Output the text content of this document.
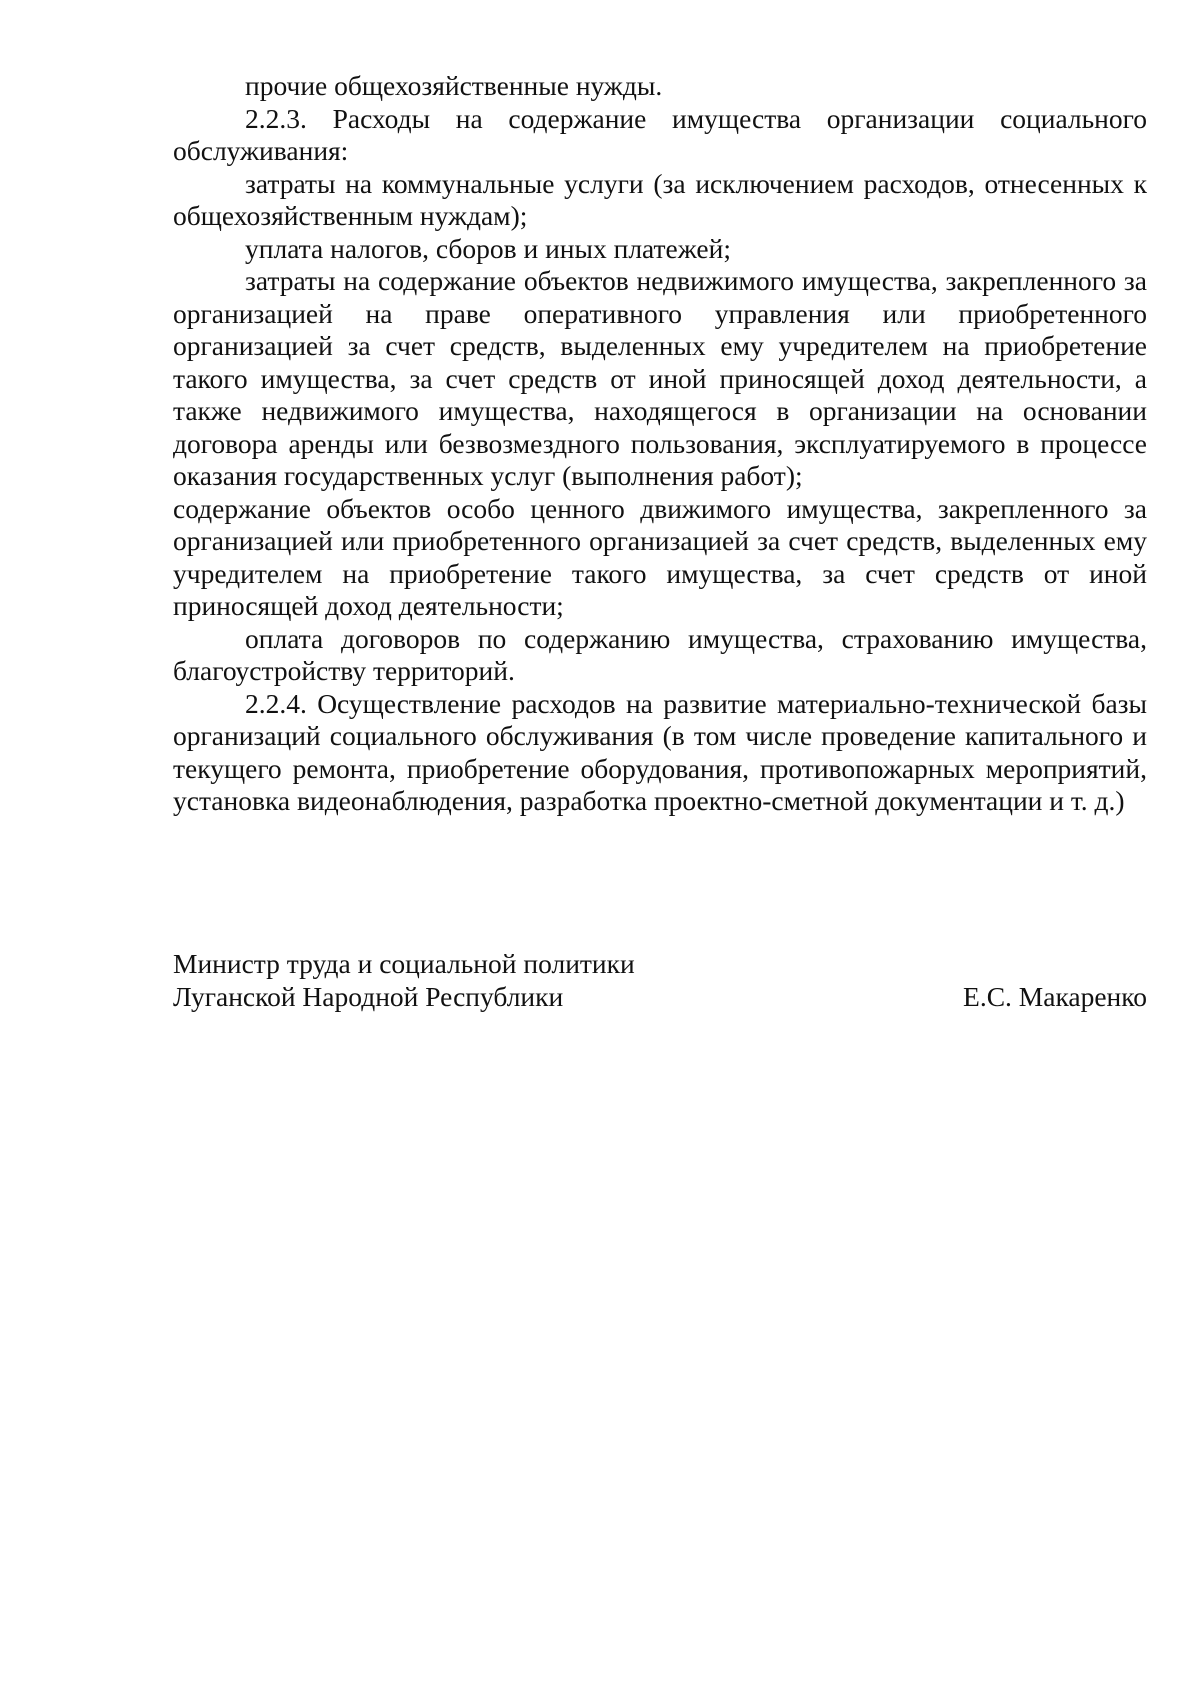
прочие общехозяйственные нужды.

2.2.3. Расходы на содержание имущества организации социального обслуживания:

затраты на коммунальные услуги (за исключением расходов, отнесенных к общехозяйственным нуждам);

уплата налогов, сборов и иных платежей;

затраты на содержание объектов недвижимого имущества, закрепленного за организацией на праве оперативного управления или приобретенного организацией за счет средств, выделенных ему учредителем на приобретение такого имущества, за счет средств от иной приносящей доход деятельности, а также недвижимого имущества, находящегося в организации на основании договора аренды или безвозмездного пользования, эксплуатируемого в процессе оказания государственных услуг (выполнения работ);

содержание объектов особо ценного движимого имущества, закрепленного за организацией или приобретенного организацией за счет средств, выделенных ему учредителем на приобретение такого имущества, за счет средств от иной приносящей доход деятельности;

оплата договоров по содержанию имущества, страхованию имущества, благоустройству территорий.

2.2.4. Осуществление расходов на развитие материально-технической базы организаций социального обслуживания (в том числе проведение капитального и текущего ремонта, приобретение оборудования, противопожарных мероприятий, установка видеонаблюдения, разработка проектно-сметной документации и т. д.)

Министр труда и социальной политики
Луганской Народной Республики	Е.С. Макаренко
